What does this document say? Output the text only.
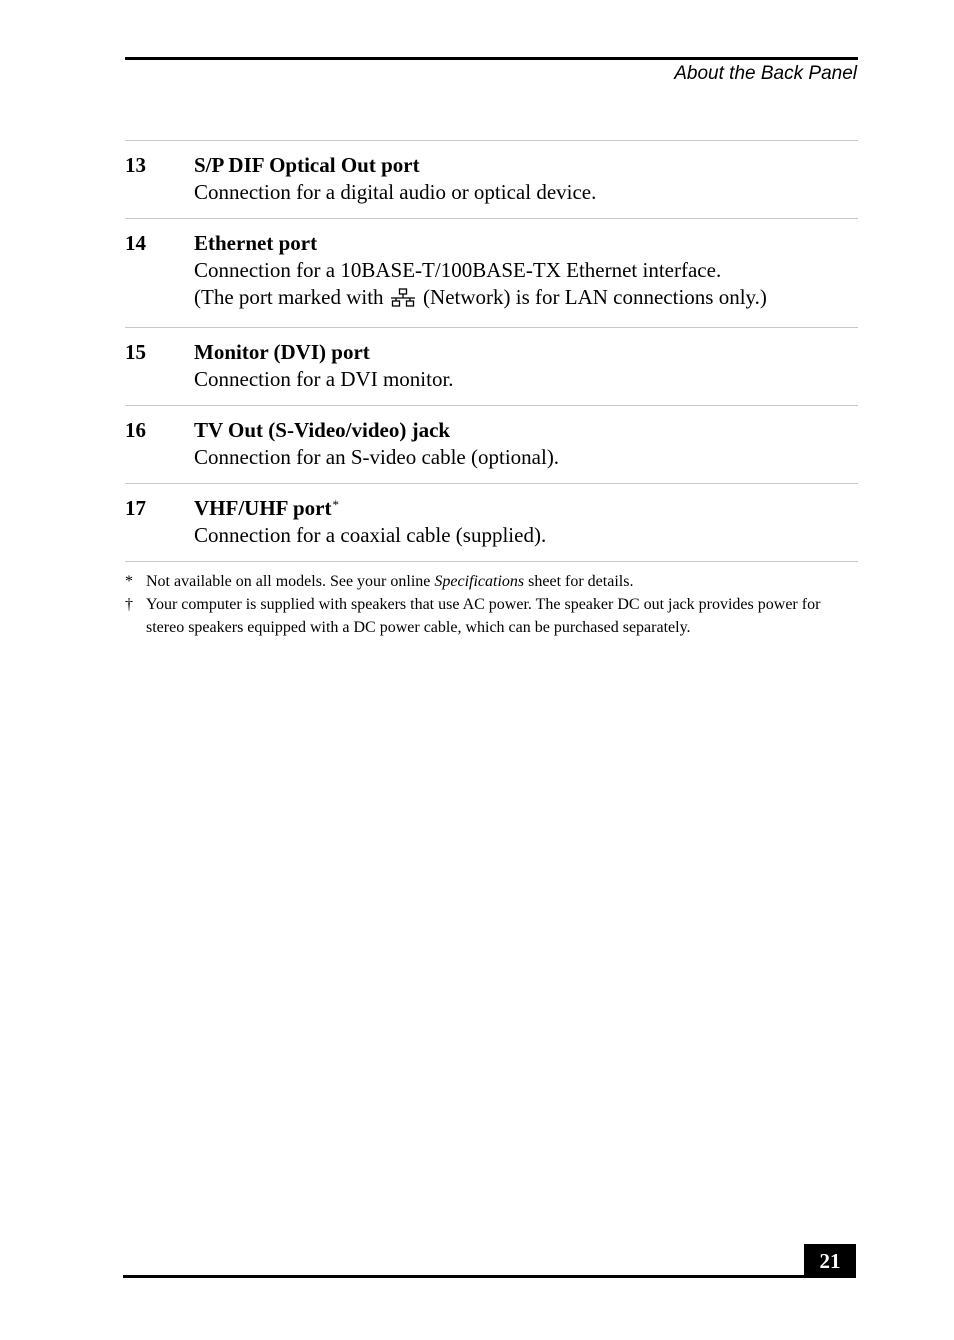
About the Back Panel
13	S/P DIF Optical Out port
Connection for a digital audio or optical device.
14	Ethernet port
Connection for a 10BASE-T/100BASE-TX Ethernet interface.
(The port marked with (Network) is for LAN connections only.)
15	Monitor (DVI) port
Connection for a DVI monitor.
16	TV Out (S-Video/video) jack
Connection for an S-video cable (optional).
17	VHF/UHF port*
Connection for a coaxial cable (supplied).
* Not available on all models. See your online Specifications sheet for details.
† Your computer is supplied with speakers that use AC power. The speaker DC out jack provides power for stereo speakers equipped with a DC power cable, which can be purchased separately.
21
